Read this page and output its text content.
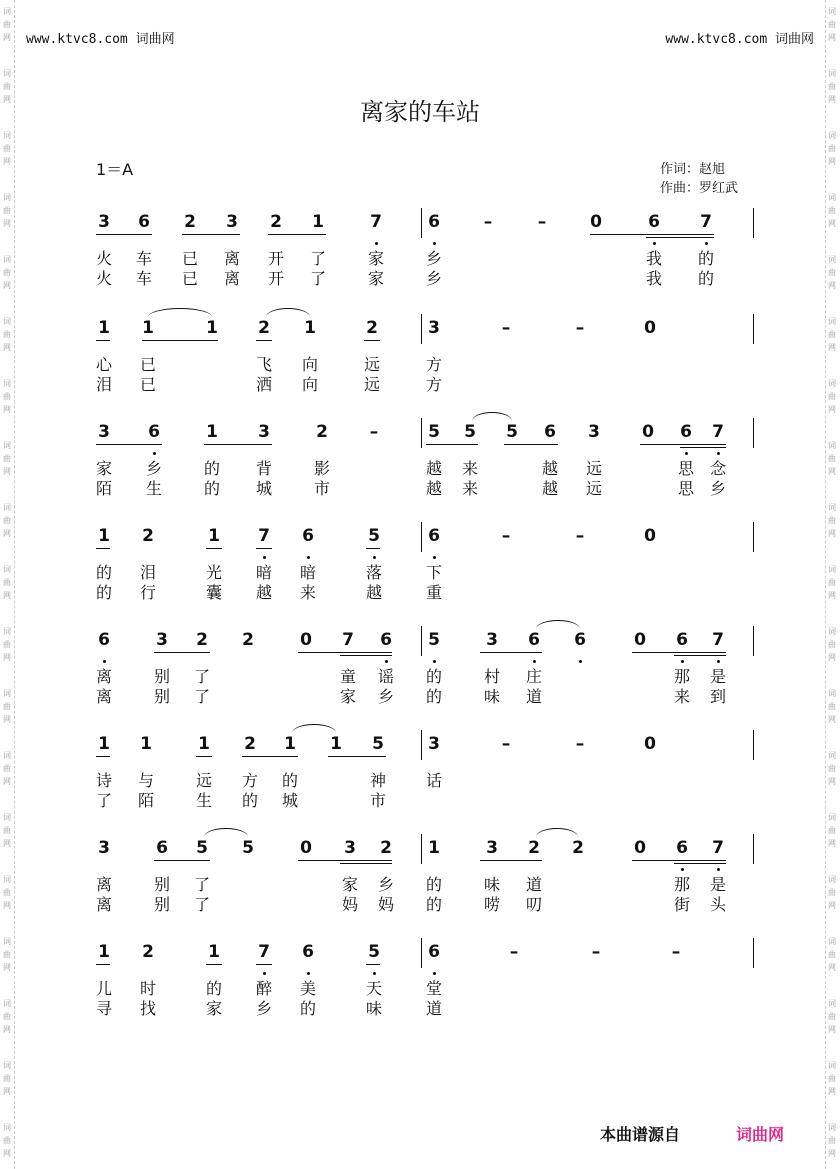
词
曲
网
词
曲
网
词
曲
网
词
曲
网
词
曲
网
词
曲
网
词
曲
网
词
曲
网
词
曲
网
词
曲
网
词
曲
网
词
曲
网
词
曲
网
词
曲
网
词
曲
网
词
曲
网
词
曲
网
词
曲
网
词
曲
网
词
曲
网
词
曲
网
词
曲
网
词
曲
网
词
曲
网
词
曲
网
词
曲
网
词
曲
网
词
曲
网
词
曲
网
词
曲
网
词
曲
网
词
曲
网
词
曲
网
词
曲
网
词
曲
网
词
曲
网
词
曲
网
词
曲
网
www.ktvc8.com 词曲网	www.ktvc8.com 词曲网
离家的车站
1＝A	作词：赵旭
作曲：罗红武
3 6 2 3 2 1	7	6	–	–	0	6 7
火 车 已 离 开 了	家	乡	我 的
火 车 已 离 开 了	家	乡	我 的
1 1	1 2 1	2	3	–	–	0
心 已	飞 向	远	方
泪 已	洒 向	远	方
3 6	1 3	2 –	5 5 5 6 3 0 6 7
家 乡	的 背	影	越 来	越 远	思 念
陌 生	的 城	市	越 来	越 远	思 乡
1 2	1 7 6	5	6	–	–	0
的 泪	光 暗 暗	落	下
的 行	囊 越 来	越	重
6	3 2 2	0 7 6 5	3 6 6	0 6 7
离	别 了	童 谣 的	村 庄	那 是
离	别 了	家 乡 的	味 道	来 到
1 1	1 2 1 1 5	3	–	–	0
诗 与	远 方 的	神 话
了 陌	生 的 城	市
3	6 5 5	0 3 2 1	3 2 2	0 6 7
离	别 了	家 乡 的	味 道	那 是
离	别 了	妈 妈 的	唠 叨	街 头
1 2	1 7 6	5	6	–	–	–
儿 时	的 醉 美	天	堂
寻 找	家 乡 的	味	道
本曲谱源自	词曲网
